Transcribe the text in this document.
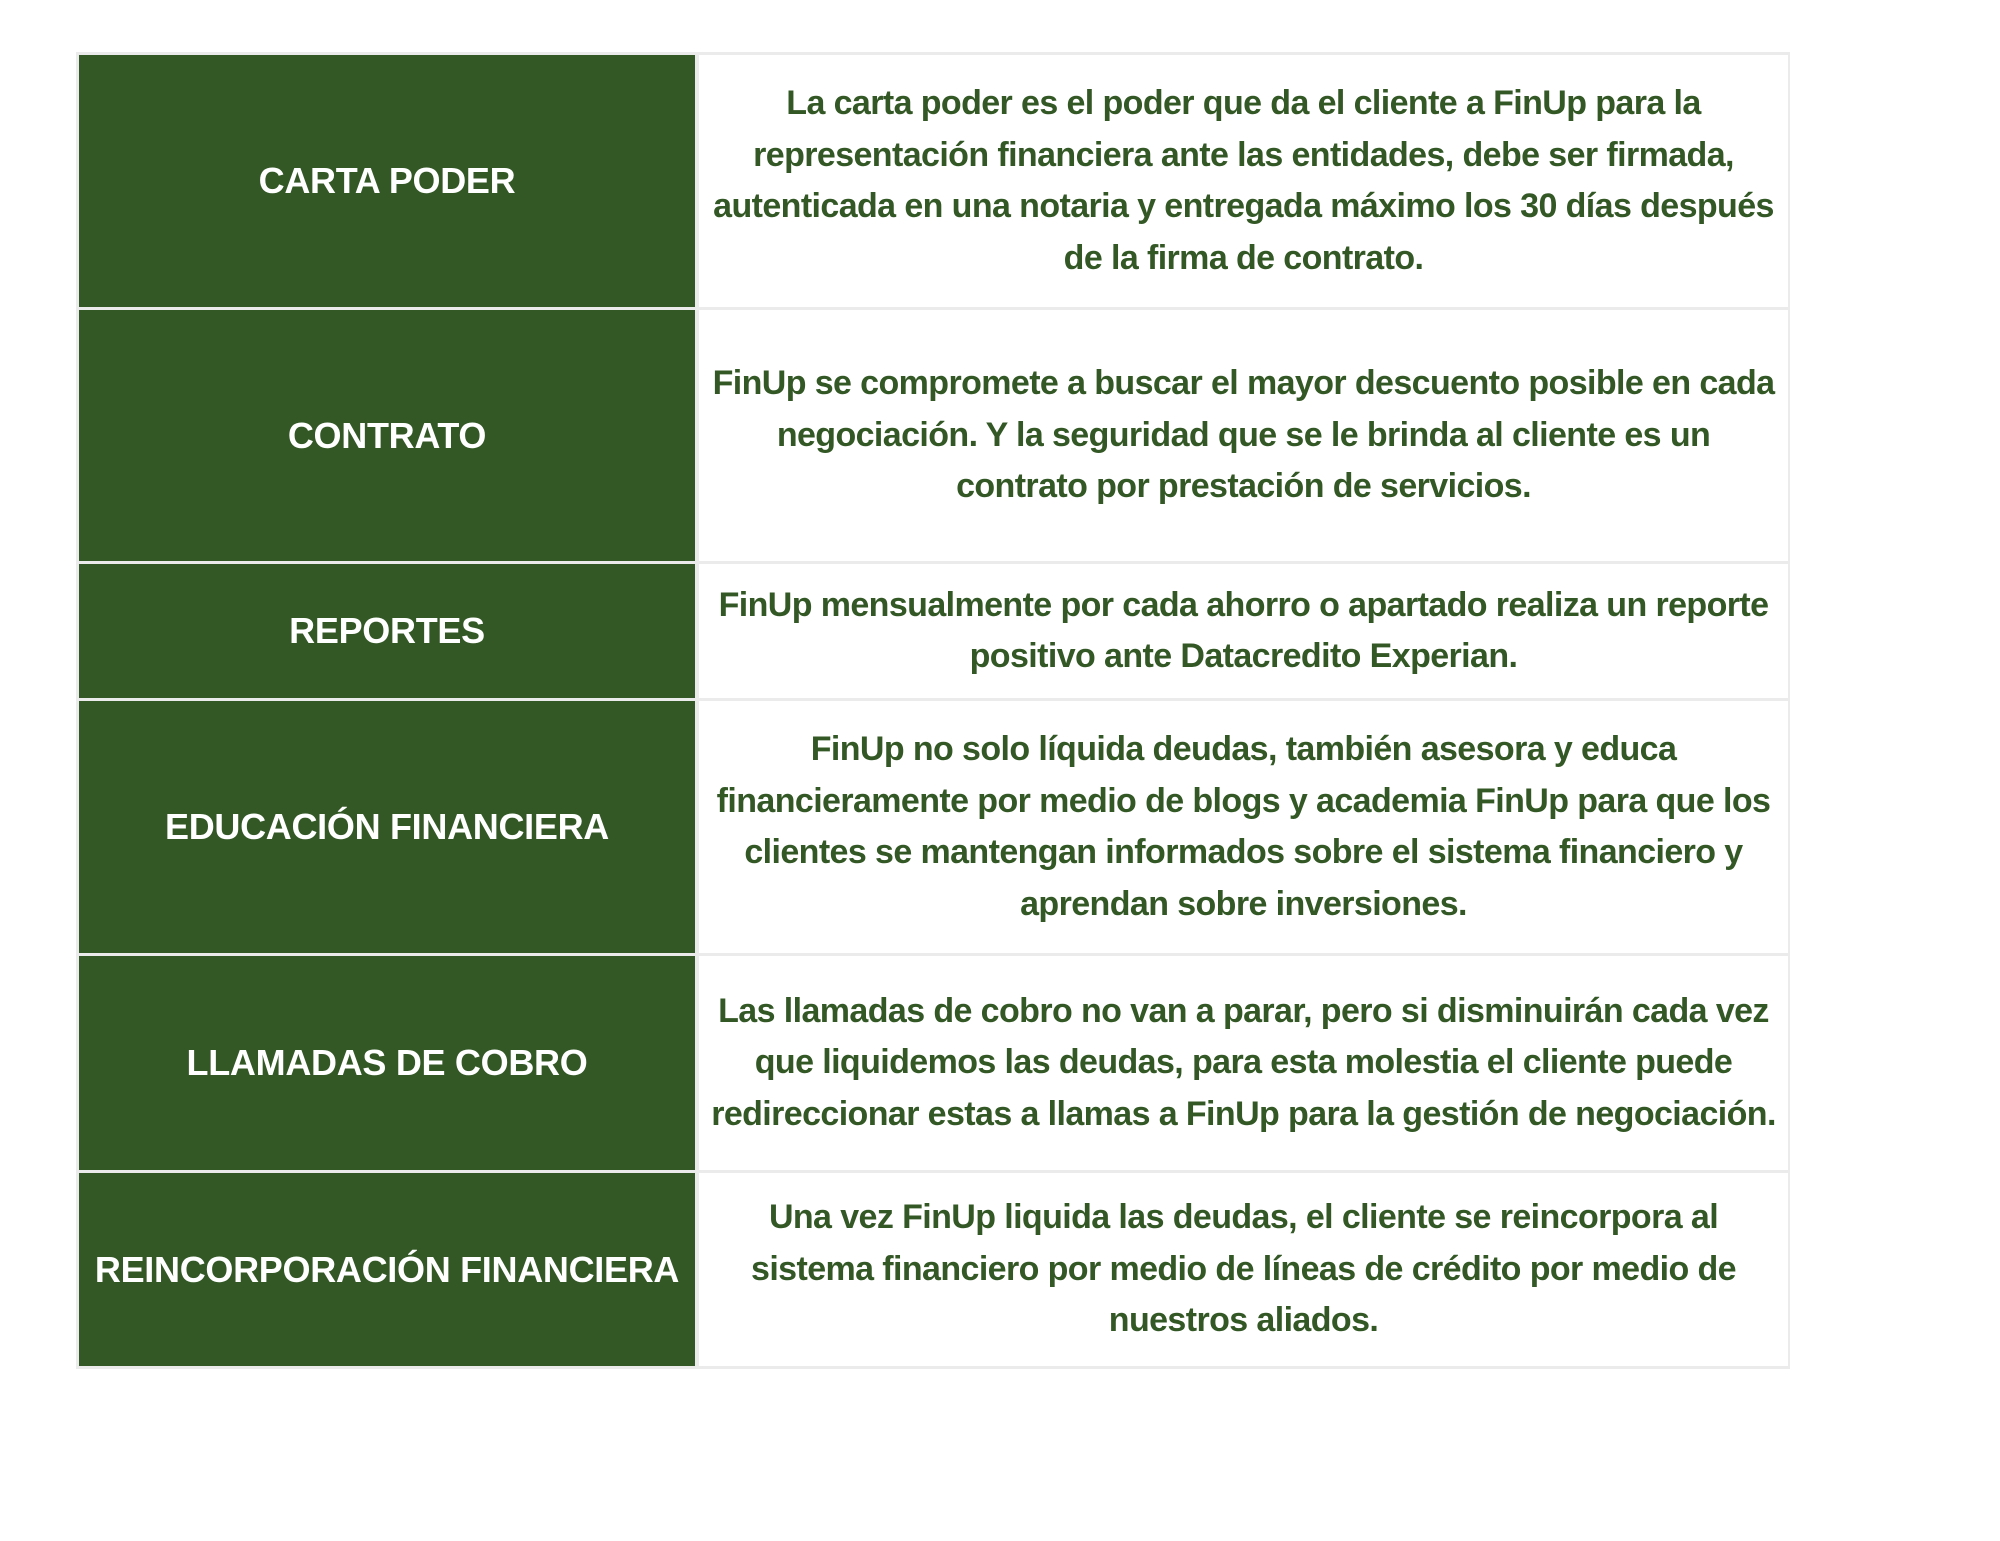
CARTA PODER
La carta poder es el poder que da el cliente a FinUp para la representación financiera ante las entidades, debe ser firmada, autenticada en una notaria y entregada máximo los 30 días después de la firma de contrato.
CONTRATO
FinUp se compromete a buscar el mayor descuento posible en cada negociación. Y la seguridad que se le brinda al cliente es un contrato por prestación de servicios.
REPORTES
FinUp mensualmente por cada ahorro o apartado realiza un reporte positivo ante Datacredito Experian.
EDUCACIÓN FINANCIERA
FinUp no solo líquida deudas, también asesora y educa financieramente por medio de blogs y academia FinUp para que los clientes se mantengan informados sobre el sistema financiero y aprendan sobre inversiones.
LLAMADAS DE COBRO
Las llamadas de cobro no van a parar, pero si disminuirán cada vez que liquidemos las deudas, para esta molestia el cliente puede redireccionar estas a llamas a FinUp para la gestión de negociación.
REINCORPORACIÓN FINANCIERA
Una vez FinUp liquida las deudas, el cliente se reincorpora al sistema financiero por medio de líneas de crédito por medio de nuestros aliados.
